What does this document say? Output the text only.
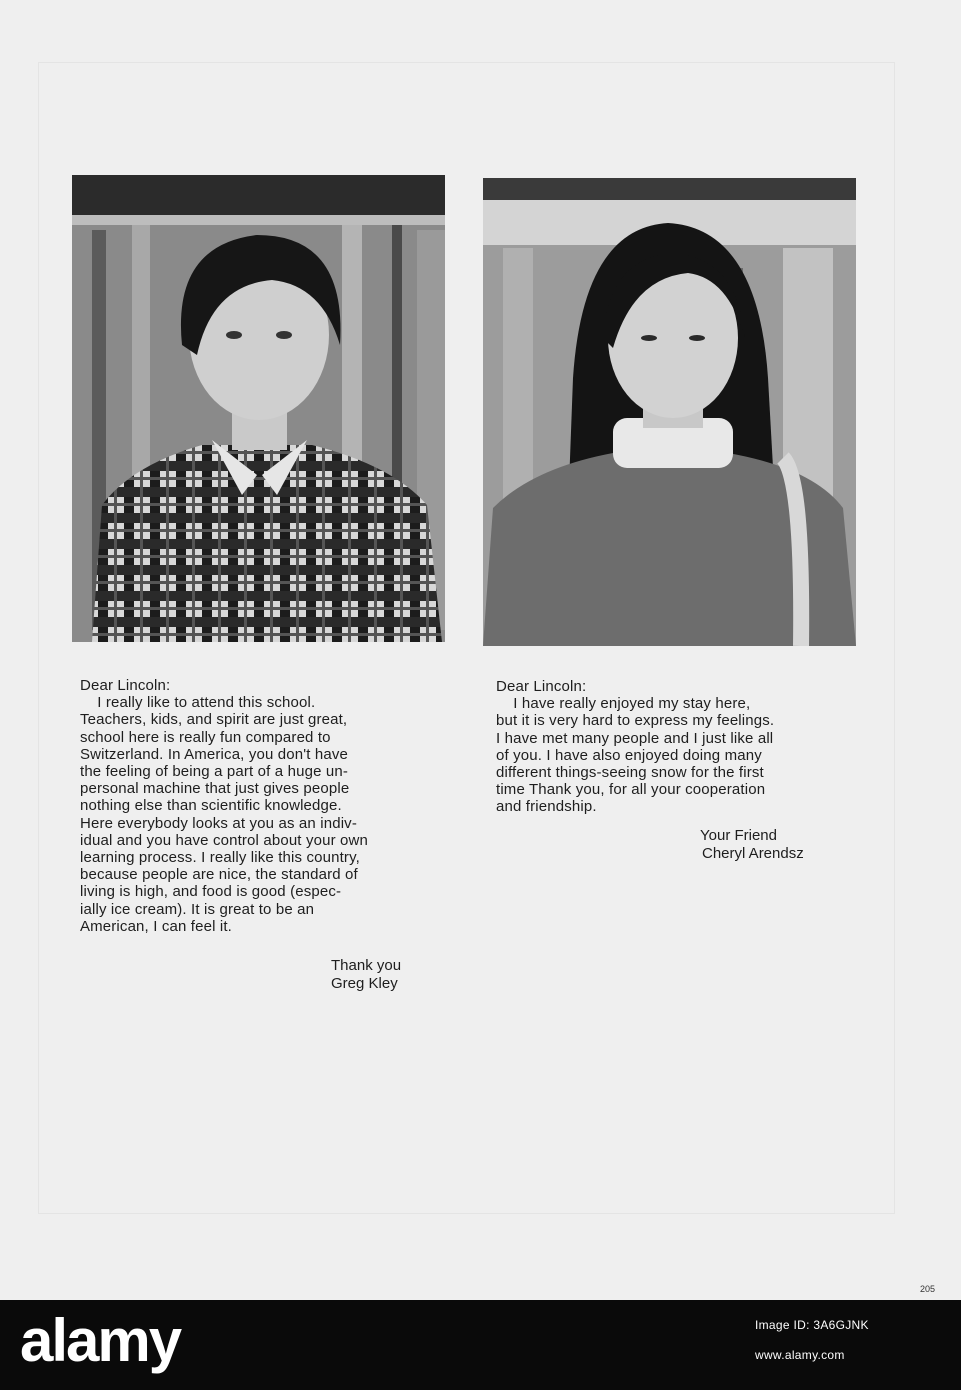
Dear Lincoln:
I really like to attend this school.
Teachers, kids, and spirit are just great,
school here is really fun compared to
Switzerland. In America, you don't have
the feeling of being a part of a huge un-
personal machine that just gives people
nothing else than scientific knowledge.
Here everybody looks at you as an indiv-
idual and you have control about your own
learning process. I really like this country,
because people are nice, the standard of
living is high, and food is good (espec-
ially ice cream). It is great to be an
American, I can feel it.
Thank you
Greg Kley
Dear Lincoln:
I have really enjoyed my stay here,
but it is very hard to express my feelings.
I have met many people and I just like all
of you. I have also enjoyed doing many
different things-seeing snow for the first
time Thank you, for all your cooperation
and friendship.
Your Friend
Cheryl Arendsz
205
alamy	Image ID: 3A6GJNK
www.alamy.com
